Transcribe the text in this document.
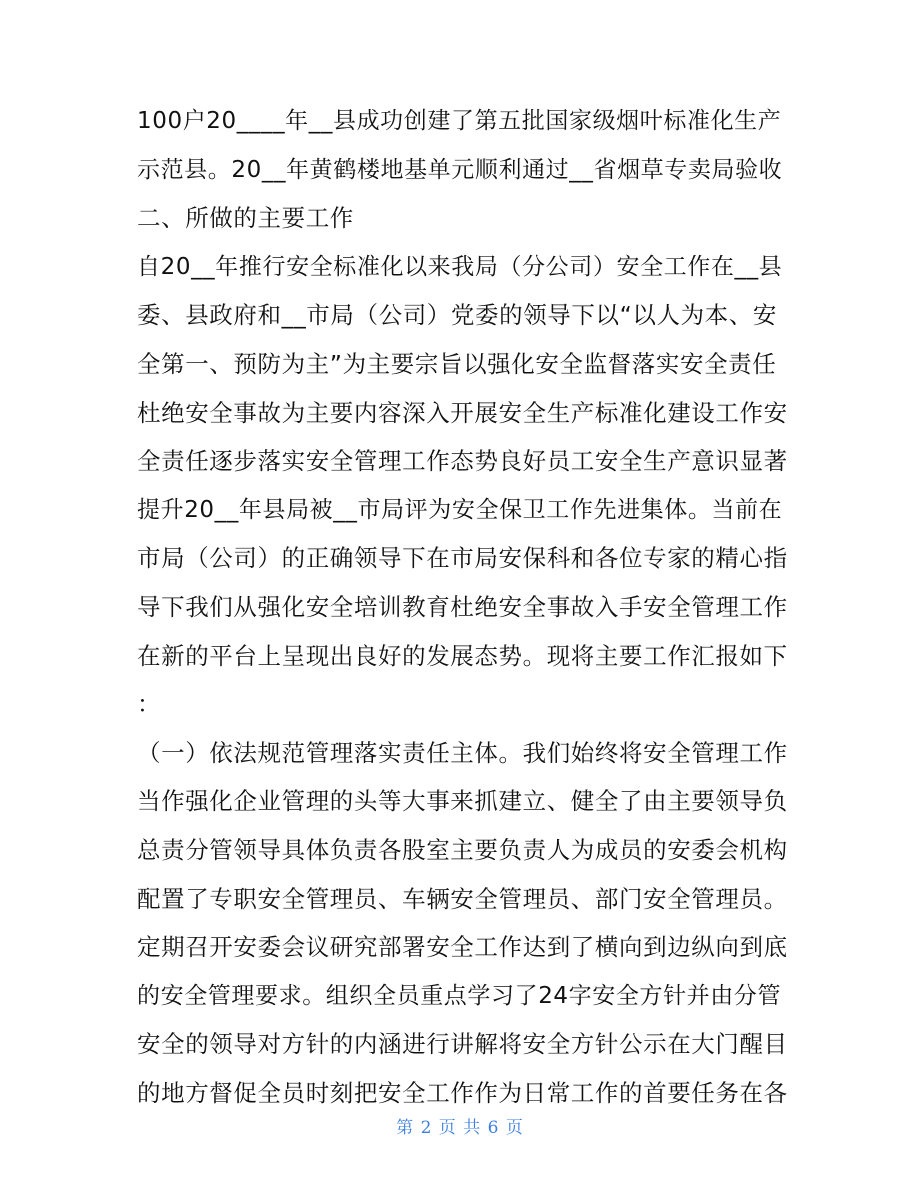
100户20____年__县成功创建了第五批国家级烟叶标准化生产
示范县。20__年黄鹤楼地基单元顺利通过__省烟草专卖局验收
二、所做的主要工作
自20__年推行安全标准化以来我局（分公司）安全工作在__县
委、县政府和__市局（公司）党委的领导下以“以人为本、安
全第一、预防为主”为主要宗旨以强化安全监督落实安全责任
杜绝安全事故为主要内容深入开展安全生产标准化建设工作安
全责任逐步落实安全管理工作态势良好员工安全生产意识显著
提升20__年县局被__市局评为安全保卫工作先进集体。当前在
市局（公司）的正确领导下在市局安保科和各位专家的精心指
导下我们从强化安全培训教育杜绝安全事故入手安全管理工作
在新的平台上呈现出良好的发展态势。现将主要工作汇报如下
：
（一）依法规范管理落实责任主体。我们始终将安全管理工作
当作强化企业管理的头等大事来抓建立、健全了由主要领导负
总责分管领导具体负责各股室主要负责人为成员的安委会机构
配置了专职安全管理员、车辆安全管理员、部门安全管理员。
定期召开安委会议研究部署安全工作达到了横向到边纵向到底
的安全管理要求。组织全员重点学习了24字安全方针并由分管
安全的领导对方针的内涵进行讲解将安全方针公示在大门醒目
的地方督促全员时刻把安全工作作为日常工作的首要任务在各
第 2 页 共 6 页
